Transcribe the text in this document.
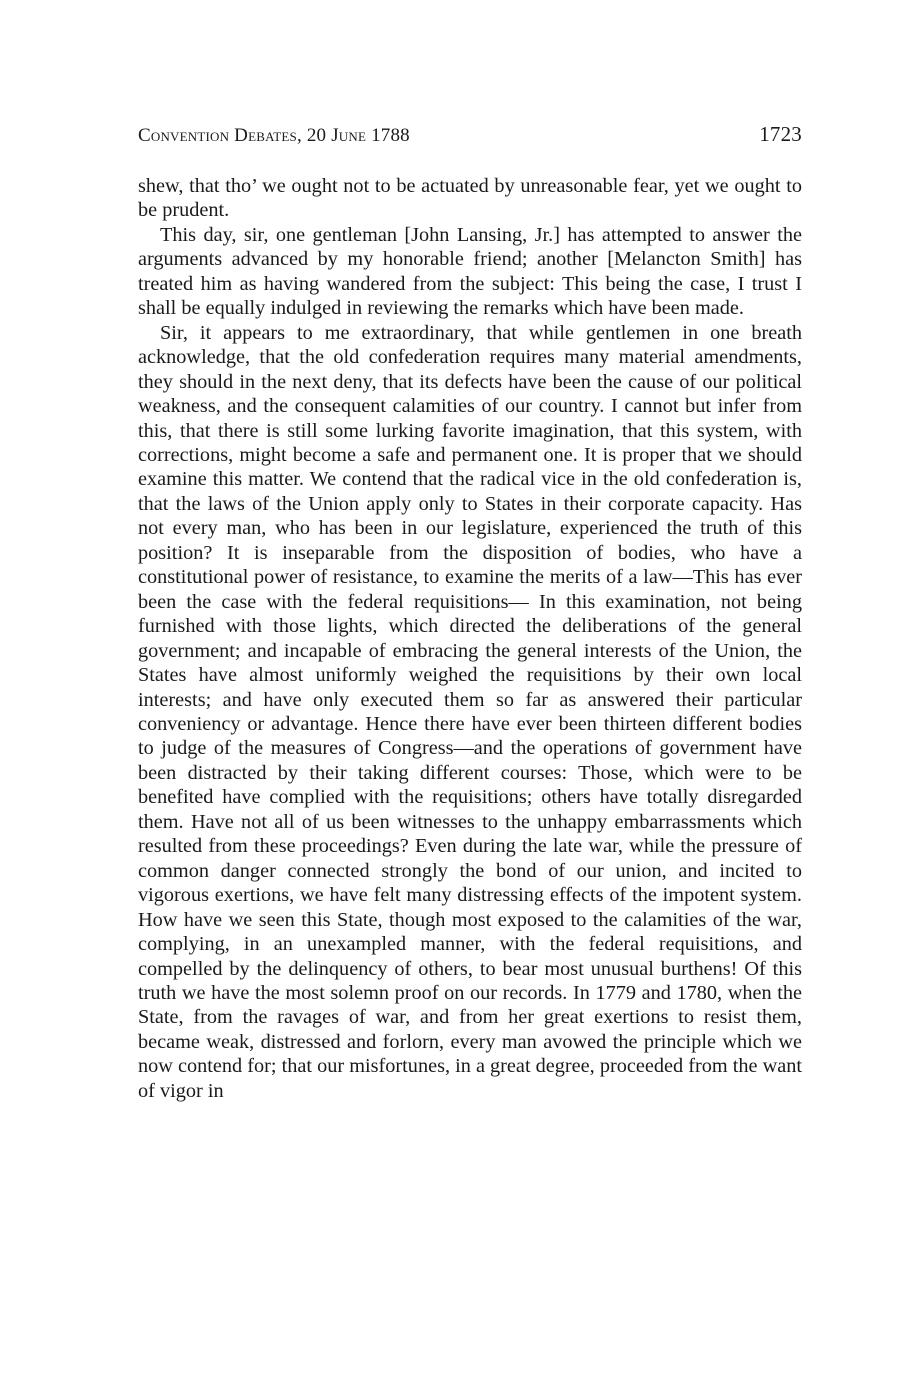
Convention Debates, 20 June 1788	1723

shew, that tho’ we ought not to be actuated by unreasonable fear, yet we ought to be prudent.

This day, sir, one gentleman [John Lansing, Jr.] has attempted to answer the arguments advanced by my honorable friend; another [Melancton Smith] has treated him as having wandered from the subject: This being the case, I trust I shall be equally indulged in reviewing the remarks which have been made.

Sir, it appears to me extraordinary, that while gentlemen in one breath acknowledge, that the old confederation requires many material amendments, they should in the next deny, that its defects have been the cause of our political weakness, and the consequent calamities of our country. I cannot but infer from this, that there is still some lurking favorite imagination, that this system, with corrections, might become a safe and permanent one. It is proper that we should examine this matter. We contend that the radical vice in the old confederation is, that the laws of the Union apply only to States in their corporate capacity. Has not every man, who has been in our legislature, experienced the truth of this position? It is inseparable from the disposition of bodies, who have a constitutional power of resistance, to examine the merits of a law—This has ever been the case with the federal requisitions— In this examination, not being furnished with those lights, which directed the deliberations of the general government; and incapable of embracing the general interests of the Union, the States have almost uniformly weighed the requisitions by their own local interests; and have only executed them so far as answered their particular conveniency or advantage. Hence there have ever been thirteen different bodies to judge of the measures of Congress—and the operations of government have been distracted by their taking different courses: Those, which were to be benefited have complied with the requisitions; others have totally disregarded them. Have not all of us been witnesses to the unhappy embarrassments which resulted from these proceedings? Even during the late war, while the pressure of common danger connected strongly the bond of our union, and incited to vigorous exertions, we have felt many distressing effects of the impotent system. How have we seen this State, though most exposed to the calamities of the war, complying, in an unexampled manner, with the federal requisitions, and compelled by the delinquency of others, to bear most unusual burthens! Of this truth we have the most solemn proof on our records. In 1779 and 1780, when the State, from the ravages of war, and from her great exertions to resist them, became weak, distressed and forlorn, every man avowed the principle which we now contend for; that our misfortunes, in a great degree, proceeded from the want of vigor in
